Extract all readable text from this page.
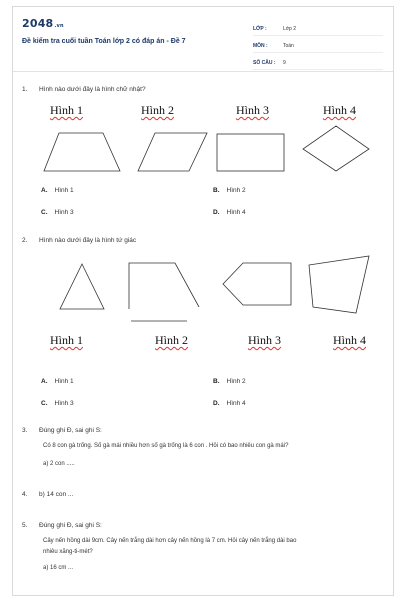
2048.vn
Đề kiểm tra cuối tuần Toán lớp 2 có đáp án - Đề 7
LỚP :	Lớp 2
MÔN :	Toán
SỐ CÂU :	9
1. Hình nào dưới đây là hình chữ nhật?
Hình 1	Hình 2	Hình 3	Hình 4
A. Hình 1	B. Hình 2
C. Hình 3	D. Hình 4
2. Hình nào dưới đây là hình tứ giác
Hình 1	Hình 2	Hình 3	Hình 4
A. Hình 1	B. Hình 2
C. Hình 3	D. Hình 4
3. Đúng ghi Đ, sai ghi S:
Có 8 con gà trống. Số gà mái nhiều hơn số gà trống là 6 con . Hỏi có bao nhiêu con gà mái?
a) 2 con .....
4. b) 14 con ...
5. Đúng ghi Đ, sai ghi S:
Cây nến hồng dài 9cm. Cây nến trắng dài hơn cây nến hồng là 7 cm. Hỏi cây nến trắng dài bao
nhiêu xăng-ti-mét?
a) 16 cm ...
